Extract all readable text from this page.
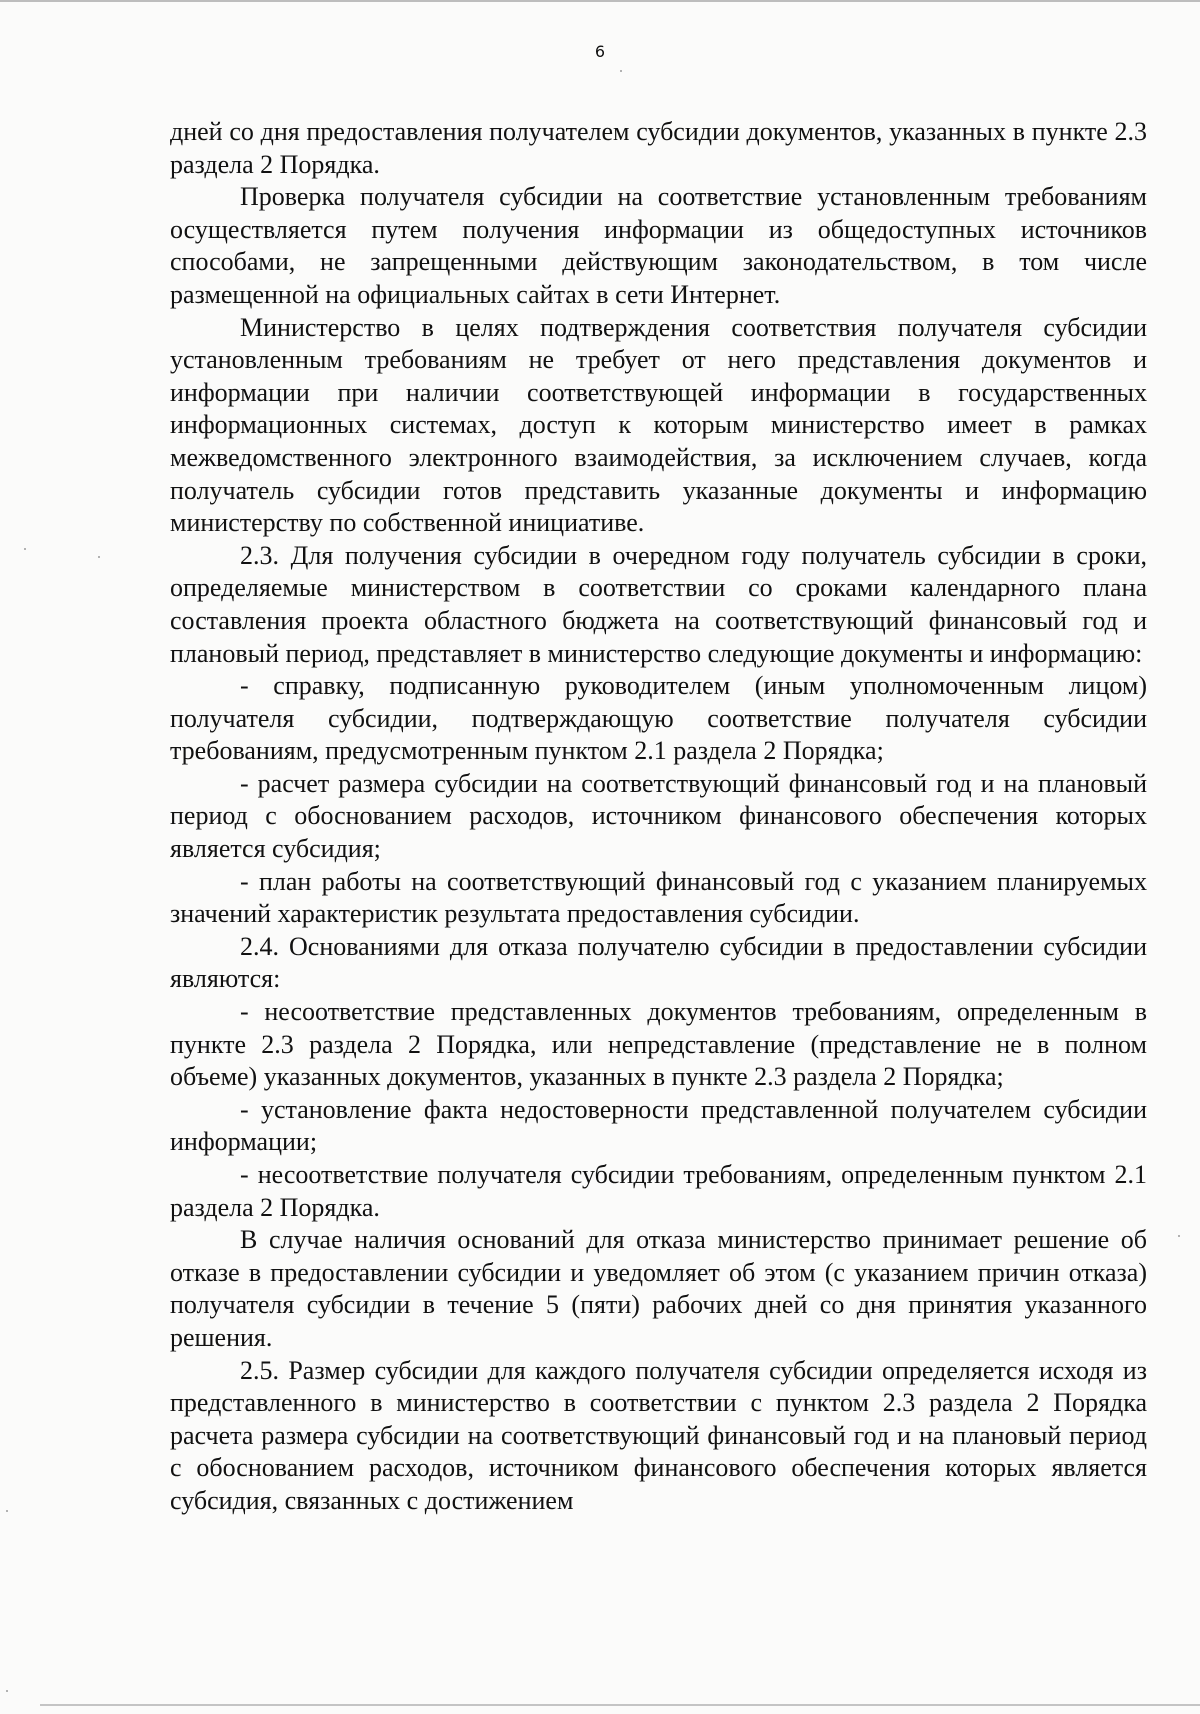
6

дней со дня предоставления получателем субсидии документов, указанных в пункте 2.3 раздела 2 Порядка.

Проверка получателя субсидии на соответствие установленным требованиям осуществляется путем получения информации из общедоступных источников способами, не запрещенными действующим законодательством, в том числе размещенной на официальных сайтах в сети Интернет.

Министерство в целях подтверждения соответствия получателя субсидии установленным требованиям не требует от него представления документов и информации при наличии соответствующей информации в государственных информационных системах, доступ к которым министерство имеет в рамках межведомственного электронного взаимодействия, за исключением случаев, когда получатель субсидии готов представить указанные документы и информацию министерству по собственной инициативе.

2.3. Для получения субсидии в очередном году получатель субсидии в сроки, определяемые министерством в соответствии со сроками календарного плана составления проекта областного бюджета на соответствующий финансовый год и плановый период, представляет в министерство следующие документы и информацию:

- справку, подписанную руководителем (иным уполномоченным лицом) получателя субсидии, подтверждающую соответствие получателя субсидии требованиям, предусмотренным пунктом 2.1 раздела 2 Порядка;

- расчет размера субсидии на соответствующий финансовый год и на плановый период с обоснованием расходов, источником финансового обеспечения которых является субсидия;

- план работы на соответствующий финансовый год с указанием планируемых значений характеристик результата предоставления субсидии.

2.4. Основаниями для отказа получателю субсидии в предоставлении субсидии являются:

- несоответствие представленных документов требованиям, определенным в пункте 2.3 раздела 2 Порядка, или непредставление (представление не в полном объеме) указанных документов, указанных в пункте 2.3 раздела 2 Порядка;

- установление факта недостоверности представленной получателем субсидии информации;

- несоответствие получателя субсидии требованиям, определенным пунктом 2.1 раздела 2 Порядка.

В случае наличия оснований для отказа министерство принимает решение об отказе в предоставлении субсидии и уведомляет об этом (с указанием причин отказа) получателя субсидии в течение 5 (пяти) рабочих дней со дня принятия указанного решения.

2.5. Размер субсидии для каждого получателя субсидии определяется исходя из представленного в министерство в соответствии с пунктом 2.3 раздела 2 Порядка расчета размера субсидии на соответствующий финансовый год и на плановый период с обоснованием расходов, источником финансового обеспечения которых является субсидия, связанных с достижением
